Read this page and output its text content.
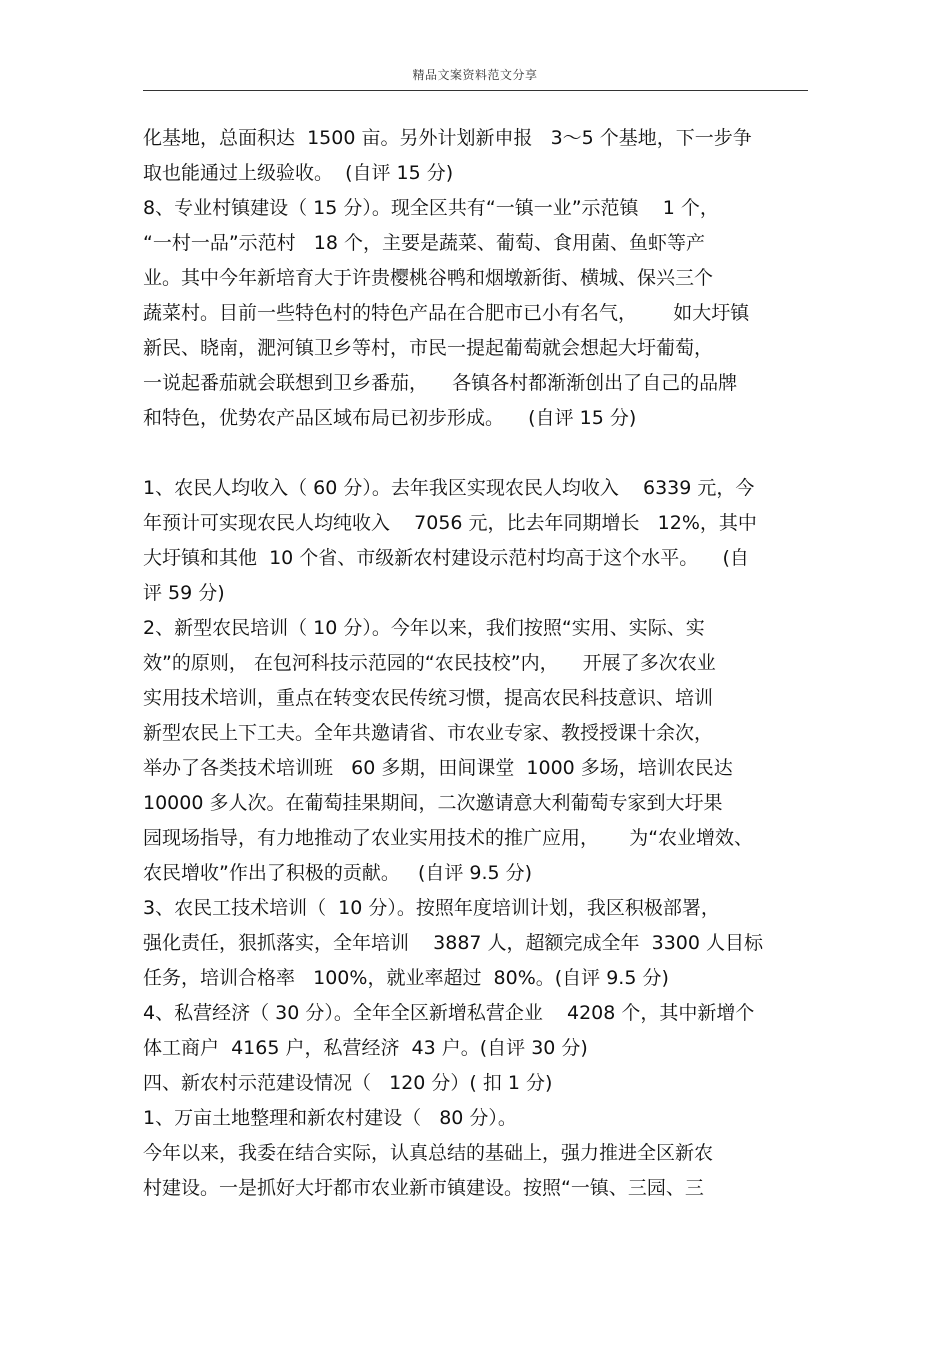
精品文案资料范文分享
化基地，总面积达  1500 亩。另外计划新申报   3～5 个基地，下一步争
取也能通过上级验收。  (自评 15 分)
8、专业村镇建设（ 15 分）。现全区共有“一镇一业”示范镇    1 个，
“一村一品”示范村   18 个，主要是蔬菜、葡萄、食用菌、鱼虾等产
业。其中今年新培育大于许贵樱桃谷鸭和烟墩新街、横城、保兴三个
蔬菜村。目前一些特色村的特色产品在合肥市已小有名气，      如大圩镇
新民、晓南，淝河镇卫乡等村，市民一提起葡萄就会想起大圩葡萄，
一说起番茄就会联想到卫乡番茄，    各镇各村都渐渐创出了自己的品牌
和特色，优势农产品区域布局已初步形成。    (自评 15 分)
1、农民人均收入（ 60 分）。去年我区实现农民人均收入    6339 元，今
年预计可实现农民人均纯收入    7056 元，比去年同期增长   12%，其中
大圩镇和其他  10 个省、市级新农村建设示范村均高于这个水平。    (自
评 59 分)
2、新型农民培训（ 10 分）。今年以来，我们按照“实用、实际、实
效”的原则， 在包河科技示范园的“农民技校”内，    开展了多次农业
实用技术培训，重点在转变农民传统习惯，提高农民科技意识、培训
新型农民上下工夫。全年共邀请省、市农业专家、教授授课十余次，
举办了各类技术培训班   60 多期，田间课堂  1000 多场，培训农民达
10000 多人次。在葡萄挂果期间，二次邀请意大利葡萄专家到大圩果
园现场指导，有力地推动了农业实用技术的推广应用，     为“农业增效、
农民增收”作出了积极的贡献。   (自评 9.5 分)
3、农民工技术培训（  10 分）。按照年度培训计划，我区积极部署，
强化责任，狠抓落实，全年培训    3887 人，超额完成全年  3300 人目标
任务，培训合格率   100%，就业率超过  80%。(自评 9.5 分)
4、私营经济（ 30 分）。全年全区新增私营企业    4208 个，其中新增个
体工商户  4165 户，私营经济  43 户。(自评 30 分)
四、新农村示范建设情况（   120 分）( 扣 1 分)
1、万亩土地整理和新农村建设（   80 分）。
今年以来，我委在结合实际，认真总结的基础上，强力推进全区新农
村建设。一是抓好大圩都市农业新市镇建设。按照“一镇、三园、三
